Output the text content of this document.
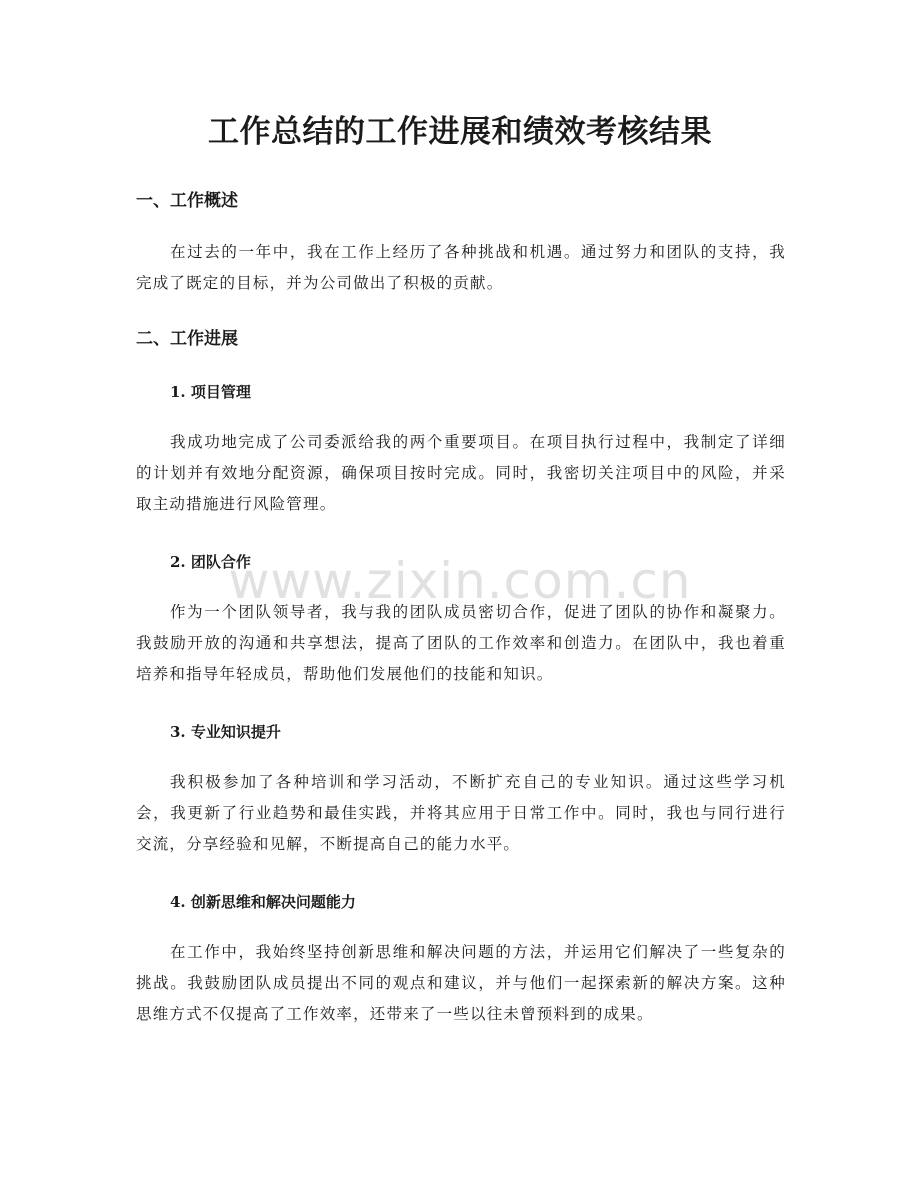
工作总结的工作进展和绩效考核结果
一、工作概述

在过去的一年中，我在工作上经历了各种挑战和机遇。通过努力和团队的支持，我完成了既定的目标，并为公司做出了积极的贡献。

二、工作进展
1. 项目管理

我成功地完成了公司委派给我的两个重要项目。在项目执行过程中，我制定了详细的计划并有效地分配资源，确保项目按时完成。同时，我密切关注项目中的风险，并采取主动措施进行风险管理。

2. 团队合作

作为一个团队领导者，我与我的团队成员密切合作，促进了团队的协作和凝聚力。我鼓励开放的沟通和共享想法，提高了团队的工作效率和创造力。在团队中，我也着重培养和指导年轻成员，帮助他们发展他们的技能和知识。

3. 专业知识提升

我积极参加了各种培训和学习活动，不断扩充自己的专业知识。通过这些学习机会，我更新了行业趋势和最佳实践，并将其应用于日常工作中。同时，我也与同行进行交流，分享经验和见解，不断提高自己的能力水平。

4. 创新思维和解决问题能力

在工作中，我始终坚持创新思维和解决问题的方法，并运用它们解决了一些复杂的挑战。我鼓励团队成员提出不同的观点和建议，并与他们一起探索新的解决方案。这种思维方式不仅提高了工作效率，还带来了一些以往未曾预料到的成果。

www.zixin.com.cn
